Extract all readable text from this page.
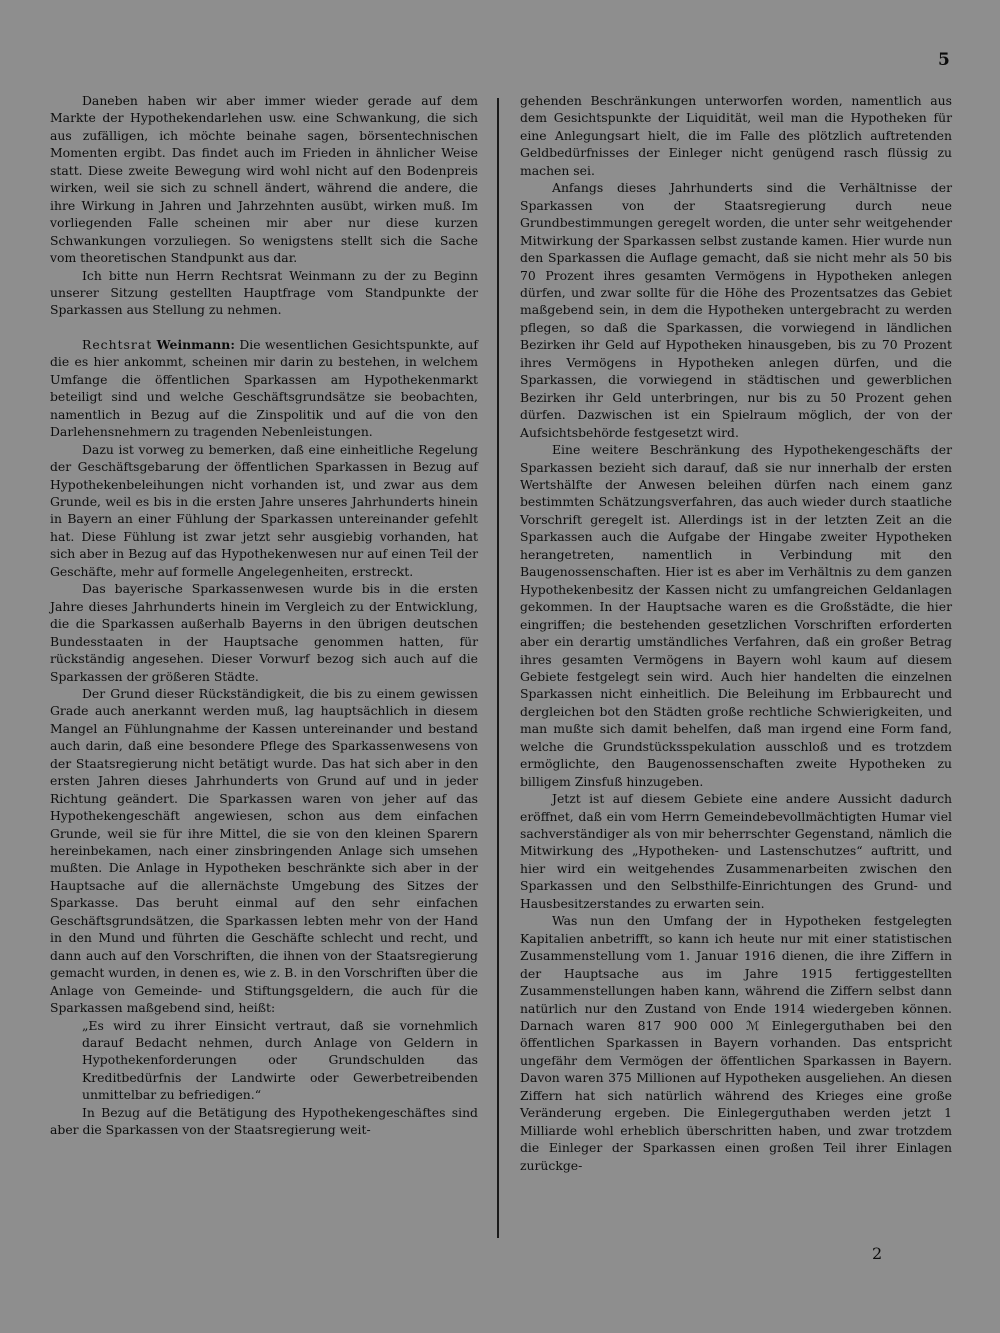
5

Daneben haben wir aber immer wieder gerade auf dem Markte der Hypothekendarlehen usw. eine Schwankung, die sich aus zufälligen, ich möchte beinahe sagen, börsentechnischen Momenten ergibt. Das findet auch im Frieden in ähnlicher Weise statt. Diese zweite Bewegung wird wohl nicht auf den Bodenpreis wirken, weil sie sich zu schnell ändert, während die andere, die ihre Wirkung in Jahren und Jahrzehnten ausübt, wirken muß. Im vorliegenden Falle scheinen mir aber nur diese kurzen Schwankungen vorzuliegen. So wenigstens stellt sich die Sache vom theoretischen Standpunkt aus dar.

Ich bitte nun Herrn Rechtsrat Weinmann zu der zu Beginn unserer Sitzung gestellten Hauptfrage vom Standpunkte der Sparkassen aus Stellung zu nehmen.

Rechtsrat Weinmann: Die wesentlichen Gesichtspunkte, auf die es hier ankommt, scheinen mir darin zu bestehen, in welchem Umfange die öffentlichen Sparkassen am Hypothekenmarkt beteiligt sind und welche Geschäftsgrundsätze sie beobachten, namentlich in Bezug auf die Zinspolitik und auf die von den Darlehensnehmern zu tragenden Nebenleistungen.

Dazu ist vorweg zu bemerken, daß eine einheitliche Regelung der Geschäftsgebarung der öffentlichen Sparkassen in Bezug auf Hypothekenbeleihungen nicht vorhanden ist, und zwar aus dem Grunde, weil es bis in die ersten Jahre unseres Jahrhunderts hinein in Bayern an einer Fühlung der Sparkassen untereinander gefehlt hat. Diese Fühlung ist zwar jetzt sehr ausgiebig vorhanden, hat sich aber in Bezug auf das Hypothekenwesen nur auf einen Teil der Geschäfte, mehr auf formelle Angelegenheiten, erstreckt.

Das bayerische Sparkassenwesen wurde bis in die ersten Jahre dieses Jahrhunderts hinein im Vergleich zu der Entwicklung, die die Sparkassen außerhalb Bayerns in den übrigen deutschen Bundesstaaten in der Hauptsache genommen hatten, für rückständig angesehen. Dieser Vorwurf bezog sich auch auf die Sparkassen der größeren Städte.

Der Grund dieser Rückständigkeit, die bis zu einem gewissen Grade auch anerkannt werden muß, lag hauptsächlich in diesem Mangel an Fühlungnahme der Kassen untereinander und bestand auch darin, daß eine besondere Pflege des Sparkassenwesens von der Staatsregierung nicht betätigt wurde. Das hat sich aber in den ersten Jahren dieses Jahrhunderts von Grund auf und in jeder Richtung geändert. Die Sparkassen waren von jeher auf das Hypothekengeschäft angewiesen, schon aus dem einfachen Grunde, weil sie für ihre Mittel, die sie von den kleinen Sparern hereinbekamen, nach einer zinsbringenden Anlage sich umsehen mußten. Die Anlage in Hypotheken beschränkte sich aber in der Hauptsache auf die allernächste Umgebung des Sitzes der Sparkasse. Das beruht einmal auf den sehr einfachen Geschäftsgrundsätzen, die Sparkassen lebten mehr von der Hand in den Mund und führten die Geschäfte schlecht und recht, und dann auch auf den Vorschriften, die ihnen von der Staatsregierung gemacht wurden, in denen es, wie z. B. in den Vorschriften über die Anlage von Gemeinde- und Stiftungsgeldern, die auch für die Sparkassen maßgebend sind, heißt:

„Es wird zu ihrer Einsicht vertraut, daß sie vornehmlich darauf Bedacht nehmen, durch Anlage von Geldern in Hypothekenforderungen oder Grundschulden das Kreditbedürfnis der Landwirte oder Gewerbetreibenden unmittelbar zu befriedigen.“

In Bezug auf die Betätigung des Hypothekengeschäftes sind aber die Sparkassen von der Staatsregierung weit-

gehenden Beschränkungen unterworfen worden, namentlich aus dem Gesichtspunkte der Liquidität, weil man die Hypotheken für eine Anlegungsart hielt, die im Falle des plötzlich auftretenden Geldbedürfnisses der Einleger nicht genügend rasch flüssig zu machen sei.

Anfangs dieses Jahrhunderts sind die Verhältnisse der Sparkassen von der Staatsregierung durch neue Grundbestimmungen geregelt worden, die unter sehr weitgehender Mitwirkung der Sparkassen selbst zustande kamen. Hier wurde nun den Sparkassen die Auflage gemacht, daß sie nicht mehr als 50 bis 70 Prozent ihres gesamten Vermögens in Hypotheken anlegen dürfen, und zwar sollte für die Höhe des Prozentsatzes das Gebiet maßgebend sein, in dem die Hypotheken untergebracht zu werden pflegen, so daß die Sparkassen, die vorwiegend in ländlichen Bezirken ihr Geld auf Hypotheken hinausgeben, bis zu 70 Prozent ihres Vermögens in Hypotheken anlegen dürfen, und die Sparkassen, die vorwiegend in städtischen und gewerblichen Bezirken ihr Geld unterbringen, nur bis zu 50 Prozent gehen dürfen. Dazwischen ist ein Spielraum möglich, der von der Aufsichtsbehörde festgesetzt wird.

Eine weitere Beschränkung des Hypothekengeschäfts der Sparkassen bezieht sich darauf, daß sie nur innerhalb der ersten Wertshälfte der Anwesen beleihen dürfen nach einem ganz bestimmten Schätzungsverfahren, das auch wieder durch staatliche Vorschrift geregelt ist. Allerdings ist in der letzten Zeit an die Sparkassen auch die Aufgabe der Hingabe zweiter Hypotheken herangetreten, namentlich in Verbindung mit den Baugenossenschaften. Hier ist es aber im Verhältnis zu dem ganzen Hypothekenbesitz der Kassen nicht zu umfangreichen Geldanlagen gekommen. In der Hauptsache waren es die Großstädte, die hier eingriffen; die bestehenden gesetzlichen Vorschriften erforderten aber ein derartig umständliches Verfahren, daß ein großer Betrag ihres gesamten Vermögens in Bayern wohl kaum auf diesem Gebiete festgelegt sein wird. Auch hier handelten die einzelnen Sparkassen nicht einheitlich. Die Beleihung im Erbbaurecht und dergleichen bot den Städten große rechtliche Schwierigkeiten, und man mußte sich damit behelfen, daß man irgend eine Form fand, welche die Grundstücksspekulation ausschloß und es trotzdem ermöglichte, den Baugenossenschaften zweite Hypotheken zu billigem Zinsfuß hinzugeben.

Jetzt ist auf diesem Gebiete eine andere Aussicht dadurch eröffnet, daß ein vom Herrn Gemeindebevollmächtigten Humar viel sachverständiger als von mir beherrschter Gegenstand, nämlich die Mitwirkung des „Hypotheken- und Lastenschutzes“ auftritt, und hier wird ein weitgehendes Zusammenarbeiten zwischen den Sparkassen und den Selbsthilfe-Einrichtungen des Grund- und Hausbesitzerstandes zu erwarten sein.

Was nun den Umfang der in Hypotheken festgelegten Kapitalien anbetrifft, so kann ich heute nur mit einer statistischen Zusammenstellung vom 1. Januar 1916 dienen, die ihre Ziffern in der Hauptsache aus im Jahre 1915 fertiggestellten Zusammenstellungen haben kann, während die Ziffern selbst dann natürlich nur den Zustand von Ende 1914 wiedergeben können. Darnach waren 817 900 000 ℳ Einlegerguthaben bei den öffentlichen Sparkassen in Bayern vorhanden. Das entspricht ungefähr dem Vermögen der öffentlichen Sparkassen in Bayern. Davon waren 375 Millionen auf Hypotheken ausgeliehen. An diesen Ziffern hat sich natürlich während des Krieges eine große Veränderung ergeben. Die Einlegerguthaben werden jetzt 1 Milliarde wohl erheblich überschritten haben, und zwar trotzdem die Einleger der Sparkassen einen großen Teil ihrer Einlagen zurückge-

2
